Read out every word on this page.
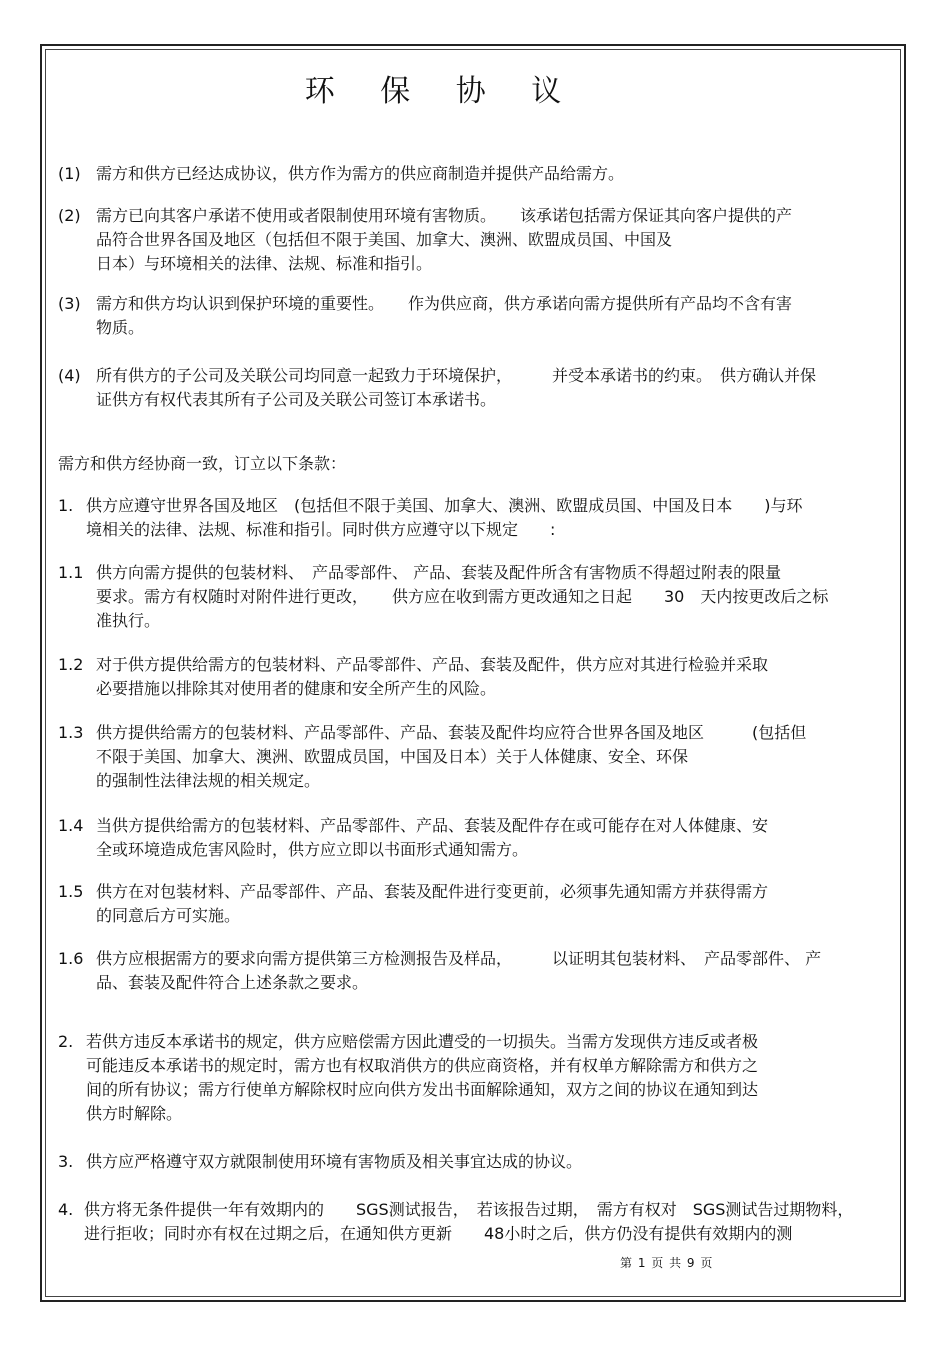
环 保 协 议
(1) 需方和供方已经达成协议，供方作为需方的供应商制造并提供产品给需方。
(2) 需方已向其客户承诺不使用或者限制使用环境有害物质。　　该承诺包括需方保证其向客户提供的产
品符合世界各国及地区（包括但不限于美国、加拿大、澳洲、欧盟成员国、中国及
日本）与环境相关的法律、法规、标准和指引。
(3) 需方和供方均认识到保护环境的重要性。　　作为供应商，供方承诺向需方提供所有产品均不含有害
物质。
(4) 所有供方的子公司及关联公司均同意一起致力于环境保护，　　　并受本承诺书的约束。　供方确认并保
证供方有权代表其所有子公司及关联公司签订本承诺书。
需方和供方经协商一致，订立以下条款：
1. 供方应遵守世界各国及地区　(包括但不限于美国、加拿大、澳洲、欧盟成员国、中国及日本　　)与环
境相关的法律、法规、标准和指引。同时供方应遵守以下规定　　:
1.1 供方向需方提供的包装材料、　产品零部件、 产品、套装及配件所含有害物质不得超过附表的限量
要求。需方有权随时对附件进行更改，　　供方应在收到需方更改通知之日起　　30　天内按更改后之标
准执行。
1.2 对于供方提供给需方的包装材料、产品零部件、产品、套装及配件，供方应对其进行检验并采取
必要措施以排除其对使用者的健康和安全所产生的风险。
1.3 供方提供给需方的包装材料、产品零部件、产品、套装及配件均应符合世界各国及地区　　　(包括但
不限于美国、加拿大、澳洲、欧盟成员国，中国及日本）关于人体健康、安全、环保
的强制性法律法规的相关规定。
1.4 当供方提供给需方的包装材料、产品零部件、产品、套装及配件存在或可能存在对人体健康、安
全或环境造成危害风险时，供方应立即以书面形式通知需方。
1.5 供方在对包装材料、产品零部件、产品、套装及配件进行变更前，必须事先通知需方并获得需方
的同意后方可实施。
1.6 供方应根据需方的要求向需方提供第三方检测报告及样品，　　　以证明其包装材料、　产品零部件、 产
品、套装及配件符合上述条款之要求。
2. 若供方违反本承诺书的规定，供方应赔偿需方因此遭受的一切损失。当需方发现供方违反或者极
可能违反本承诺书的规定时，需方也有权取消供方的供应商资格，并有权单方解除需方和供方之
间的所有协议；需方行使单方解除权时应向供方发出书面解除通知，双方之间的协议在通知到达
供方时解除。
3. 供方应严格遵守双方就限制使用环境有害物质及相关事宜达成的协议。
4. 供方将无条件提供一年有效期内的　　SGS测试报告，　若该报告过期，　需方有权对　SGS测试告过期物料，
进行拒收；同时亦有权在过期之后，在通知供方更新　　48小时之后，供方仍没有提供有效期内的测
第 1 页 共 9 页
